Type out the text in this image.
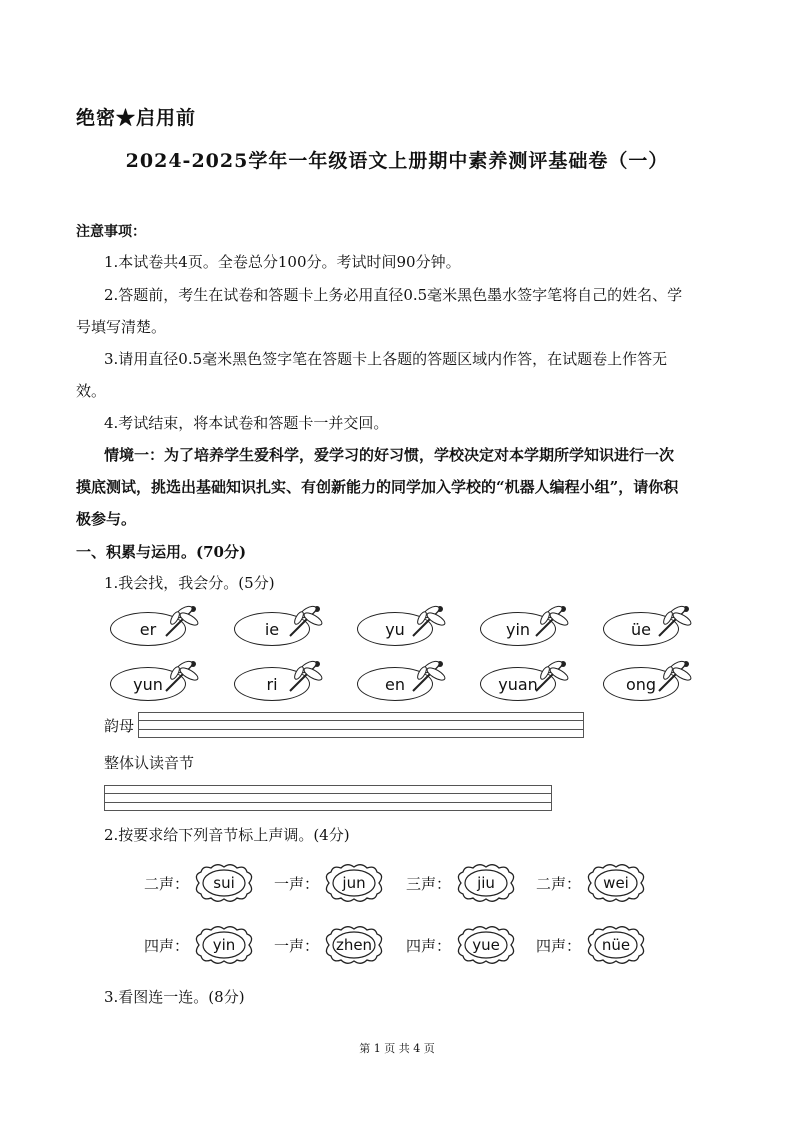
绝密★启用前
2024-2025学年一年级语文上册期中素养测评基础卷（一）
注意事项：
1.本试卷共4页。全卷总分100分。考试时间90分钟。
2.答题前，考生在试卷和答题卡上务必用直径0.5毫米黑色墨水签字笔将自己的姓名、学
号填写清楚。
3.请用直径0.5毫米黑色签字笔在答题卡上各题的答题区域内作答，在试题卷上作答无
效。
4.考试结束，将本试卷和答题卡一并交回。
情境一：为了培养学生爱科学，爱学习的好习惯，学校决定对本学期所学知识进行一次
摸底测试，挑选出基础知识扎实、有创新能力的同学加入学校的“机器人编程小组”，请你积
极参与。
一、积累与运用。(70分)
1.我会找，我会分。(5分)
er	ie	yu	yin	üe
yun	ri	en	yuan	ong
韵母
整体认读音节
2.按要求给下列音节标上声调。(4分)
二声：	sui	一声：	jun	三声：	jiu	二声：	wei
四声：	yin	一声：	zhen	四声：	yue	四声：	nüe
3.看图连一连。(8分)
第 1 页 共 4 页
